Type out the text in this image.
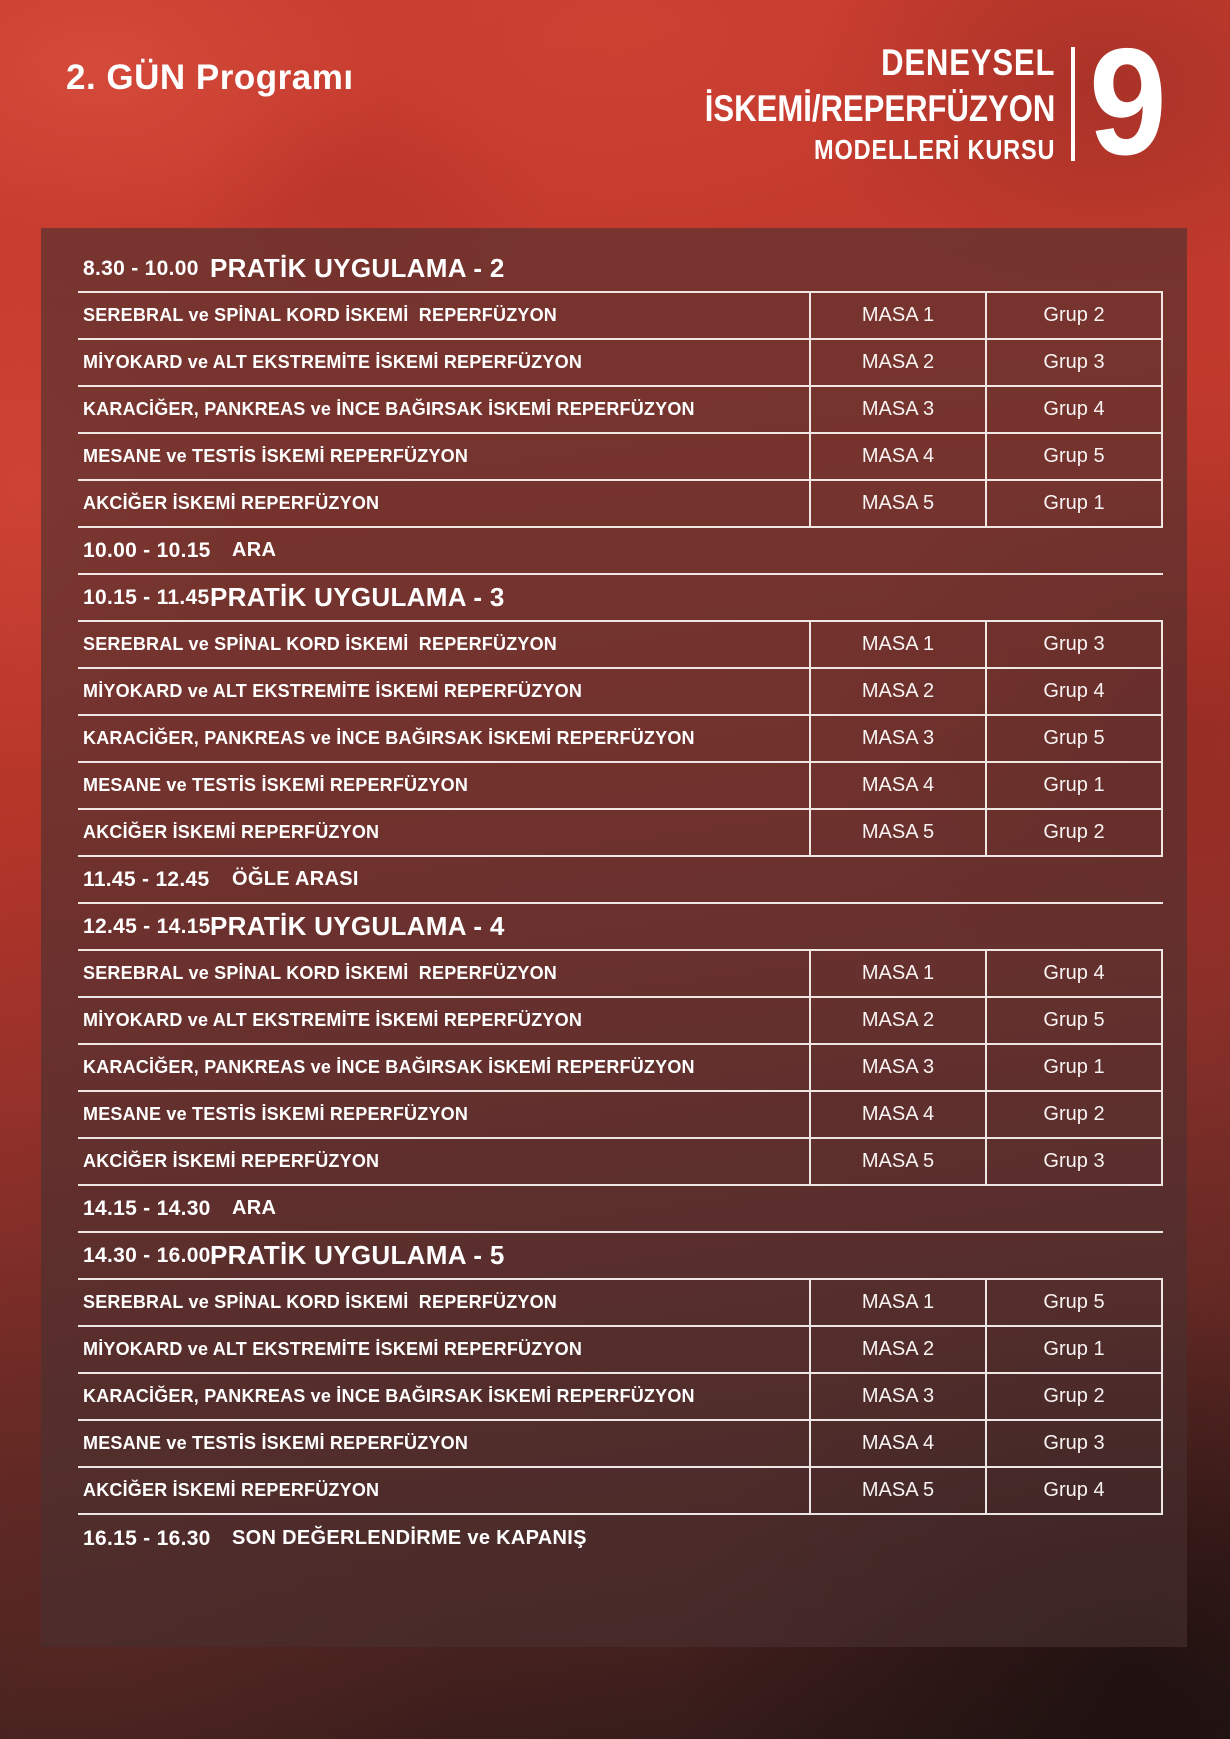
2. GÜN Programı	DENEYSEL
İSKEMİ/REPERFÜZYON
MODELLERİ KURSU 9
8.30 - 10.00 PRATİK UYGULAMA - 2
SEREBRAL ve SPİNAL KORD İSKEMİ  REPERFÜZYON	MASA 1	Grup 2
MİYOKARD ve ALT EKSTREMİTE İSKEMİ REPERFÜZYON	MASA 2	Grup 3
KARACİĞER, PANKREAS ve İNCE BAĞIRSAK İSKEMİ REPERFÜZYON	MASA 3	Grup 4
MESANE ve TESTİS İSKEMİ REPERFÜZYON	MASA 4	Grup 5
AKCİĞER İSKEMİ REPERFÜZYON	MASA 5	Grup 1
10.00 - 10.15 ARA
10.15 - 11.45 PRATİK UYGULAMA - 3
SEREBRAL ve SPİNAL KORD İSKEMİ  REPERFÜZYON	MASA 1	Grup 3
MİYOKARD ve ALT EKSTREMİTE İSKEMİ REPERFÜZYON	MASA 2	Grup 4
KARACİĞER, PANKREAS ve İNCE BAĞIRSAK İSKEMİ REPERFÜZYON	MASA 3	Grup 5
MESANE ve TESTİS İSKEMİ REPERFÜZYON	MASA 4	Grup 1
AKCİĞER İSKEMİ REPERFÜZYON	MASA 5	Grup 2
11.45 - 12.45 ÖĞLE ARASI
12.45 - 14.15 PRATİK UYGULAMA - 4
SEREBRAL ve SPİNAL KORD İSKEMİ  REPERFÜZYON	MASA 1	Grup 4
MİYOKARD ve ALT EKSTREMİTE İSKEMİ REPERFÜZYON	MASA 2	Grup 5
KARACİĞER, PANKREAS ve İNCE BAĞIRSAK İSKEMİ REPERFÜZYON	MASA 3	Grup 1
MESANE ve TESTİS İSKEMİ REPERFÜZYON	MASA 4	Grup 2
AKCİĞER İSKEMİ REPERFÜZYON	MASA 5	Grup 3
14.15 - 14.30 ARA
14.30 - 16.00 PRATİK UYGULAMA - 5
SEREBRAL ve SPİNAL KORD İSKEMİ  REPERFÜZYON	MASA 1	Grup 5
MİYOKARD ve ALT EKSTREMİTE İSKEMİ REPERFÜZYON	MASA 2	Grup 1
KARACİĞER, PANKREAS ve İNCE BAĞIRSAK İSKEMİ REPERFÜZYON	MASA 3	Grup 2
MESANE ve TESTİS İSKEMİ REPERFÜZYON	MASA 4	Grup 3
AKCİĞER İSKEMİ REPERFÜZYON	MASA 5	Grup 4
16.15 - 16.30 SON DEĞERLENDİRME ve KAPANIŞ
